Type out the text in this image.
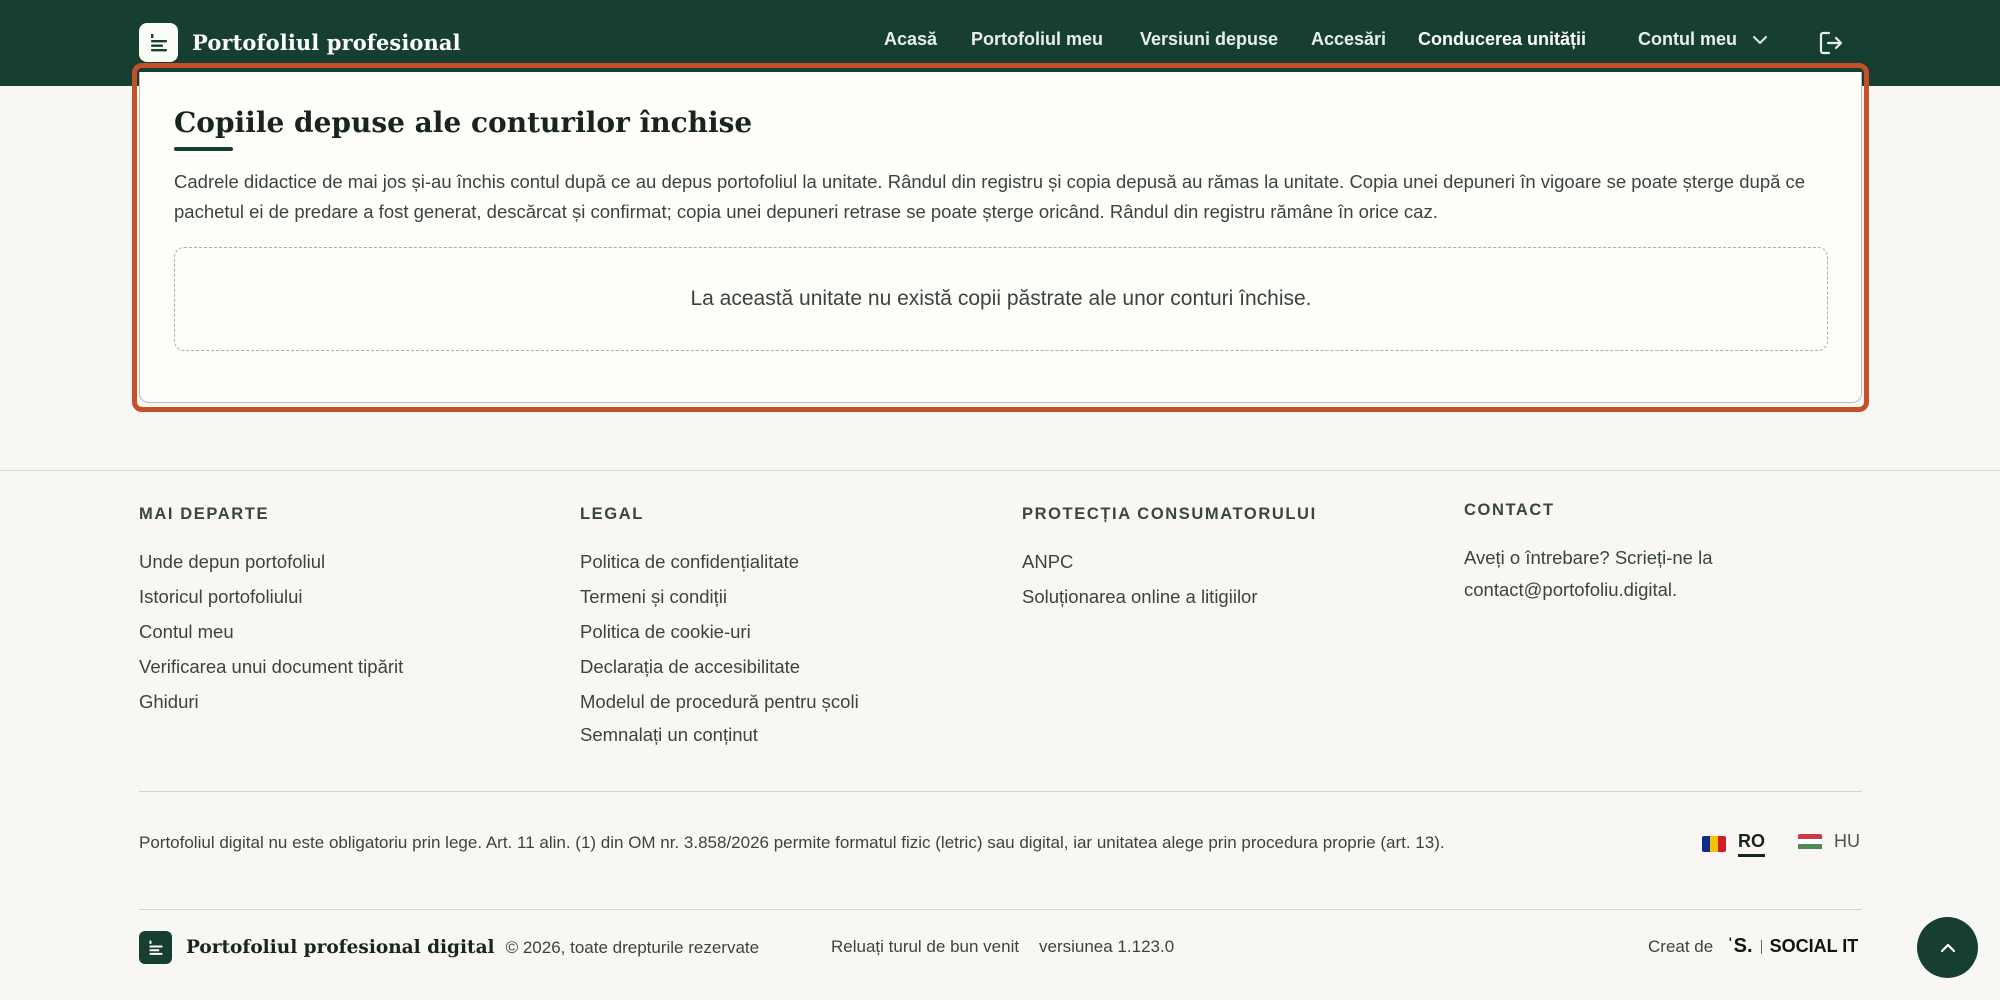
Portofoliul profesional	Acasă Portofoliul meu Versiuni depuse Accesări Conducerea unității	Contul meu
Copiile depuse ale conturilor închise

Cadrele didactice de mai jos și-au închis contul după ce au depus portofoliul la unitate. Rândul din registru și copia depusă au rămas la unitate. Copia unei depuneri în vigoare se poate șterge după ce pachetul ei de predare a fost generat, descărcat și confirmat; copia unei depuneri retrase se poate șterge oricând. Rândul din registru rămâne în orice caz.

La această unitate nu există copii păstrate ale unor conturi închise.
MAI DEPARTE
Unde depun portofoliul
Istoricul portofoliului
Contul meu
Verificarea unui document tipărit
Ghiduri
LEGAL
Politica de confidențialitate
Termeni și condiții
Politica de cookie-uri
Declarația de accesibilitate
Modelul de procedură pentru școli
Semnalați un conținut
PROTECȚIA CONSUMATORULUI
ANPC
Soluționarea online a litigiilor
CONTACT

Aveți o întrebare? Scrieți-ne la contact@portofoliu.digital.

Portofoliul digital nu este obligatoriu prin lege. Art. 11 alin. (1) din OM nr. 3.858/2026 permite formatul fizic (letric) sau digital, iar unitatea alege prin procedura proprie (art. 13).	RO	HU
Portofoliul profesional digital © 2026, toate drepturile rezervate	Reluați turul de bun venit versiunea 1.123.0	Creat de ˈS. SOCIAL IT
